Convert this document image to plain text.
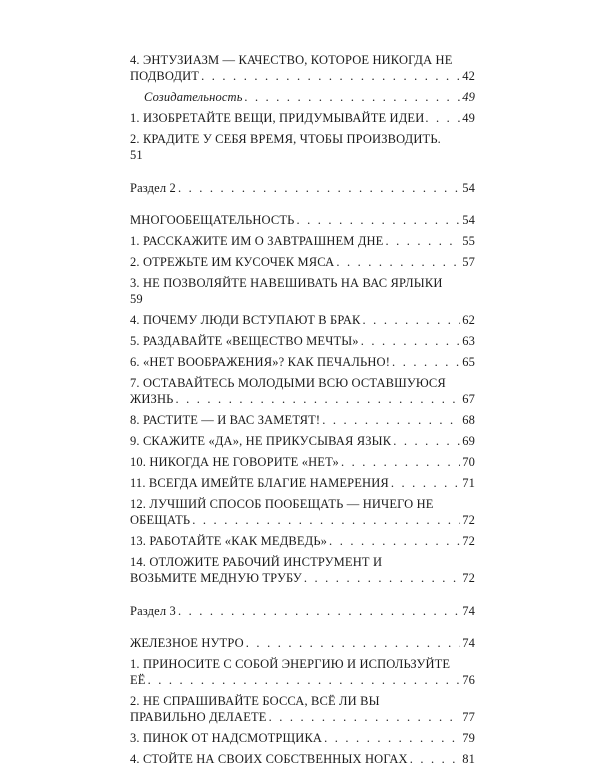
4. ЭНТУЗИАЗМ — КАЧЕСТВО, КОТОРОЕ НИКОГДА НЕ
ПОДВОДИТ . . .	42
Созидательность . . .	49
1. ИЗОБРЕТАЙТЕ ВЕЩИ, ПРИДУМЫВАЙТЕ ИДЕИ . . .	49
2. КРАДИТЕ У СЕБЯ ВРЕМЯ, ЧТОБЫ ПРОИЗВОДИТЬ.
51
Раздел 2 . . .	54
МНОГООБЕЩАТЕЛЬНОСТЬ . . .	54
1. РАССКАЖИТЕ ИМ О ЗАВТРАШНЕМ ДНЕ . . .	55
2. ОТРЕЖЬТЕ ИМ КУСОЧЕК МЯСА . . .	57
3. НЕ ПОЗВОЛЯЙТЕ НАВЕШИВАТЬ НА ВАС ЯРЛЫКИ
59
4. ПОЧЕМУ ЛЮДИ ВСТУПАЮТ В БРАК . . .	62
5. РАЗДАВАЙТЕ «ВЕЩЕСТВО МЕЧТЫ» . . .	63
6. «НЕТ ВООБРАЖЕНИЯ»? КАК ПЕЧАЛЬНО! . . .	65
7. ОСТАВАЙТЕСЬ МОЛОДЫМИ ВСЮ ОСТАВШУЮСЯ
ЖИЗНЬ . . .	67
8. РАСТИТЕ — И ВАС ЗАМЕТЯТ! . . .	68
9. СКАЖИТЕ «ДА», НЕ ПРИКУСЫВАЯ ЯЗЫК . . .	69
10. НИКОГДА НЕ ГОВОРИТЕ «НЕТ» . . .	70
11. ВСЕГДА ИМЕЙТЕ БЛАГИЕ НАМЕРЕНИЯ . . .	71
12. ЛУЧШИЙ СПОСОБ ПООБЕЩАТЬ — НИЧЕГО НЕ
ОБЕЩАТЬ . . .	72
13. РАБОТАЙТЕ «КАК МЕДВЕДЬ» . . .	72
14. ОТЛОЖИТЕ РАБОЧИЙ ИНСТРУМЕНТ И
ВОЗЬМИТЕ МЕДНУЮ ТРУБУ . . .	72
Раздел 3 . . .	74
ЖЕЛЕЗНОЕ НУТРО . . .	74
1. ПРИНОСИТЕ С СОБОЙ ЭНЕРГИЮ И ИСПОЛЬЗУЙТЕ
ЕЁ . . .	76
2. НЕ СПРАШИВАЙТЕ БОССА, ВСЁ ЛИ ВЫ
ПРАВИЛЬНО ДЕЛАЕТЕ . . .	77
3. ПИНОК ОТ НАДСМОТРЩИКА . . .	79
4. СТОЙТЕ НА СВОИХ СОБСТВЕННЫХ НОГАХ . . .	81
